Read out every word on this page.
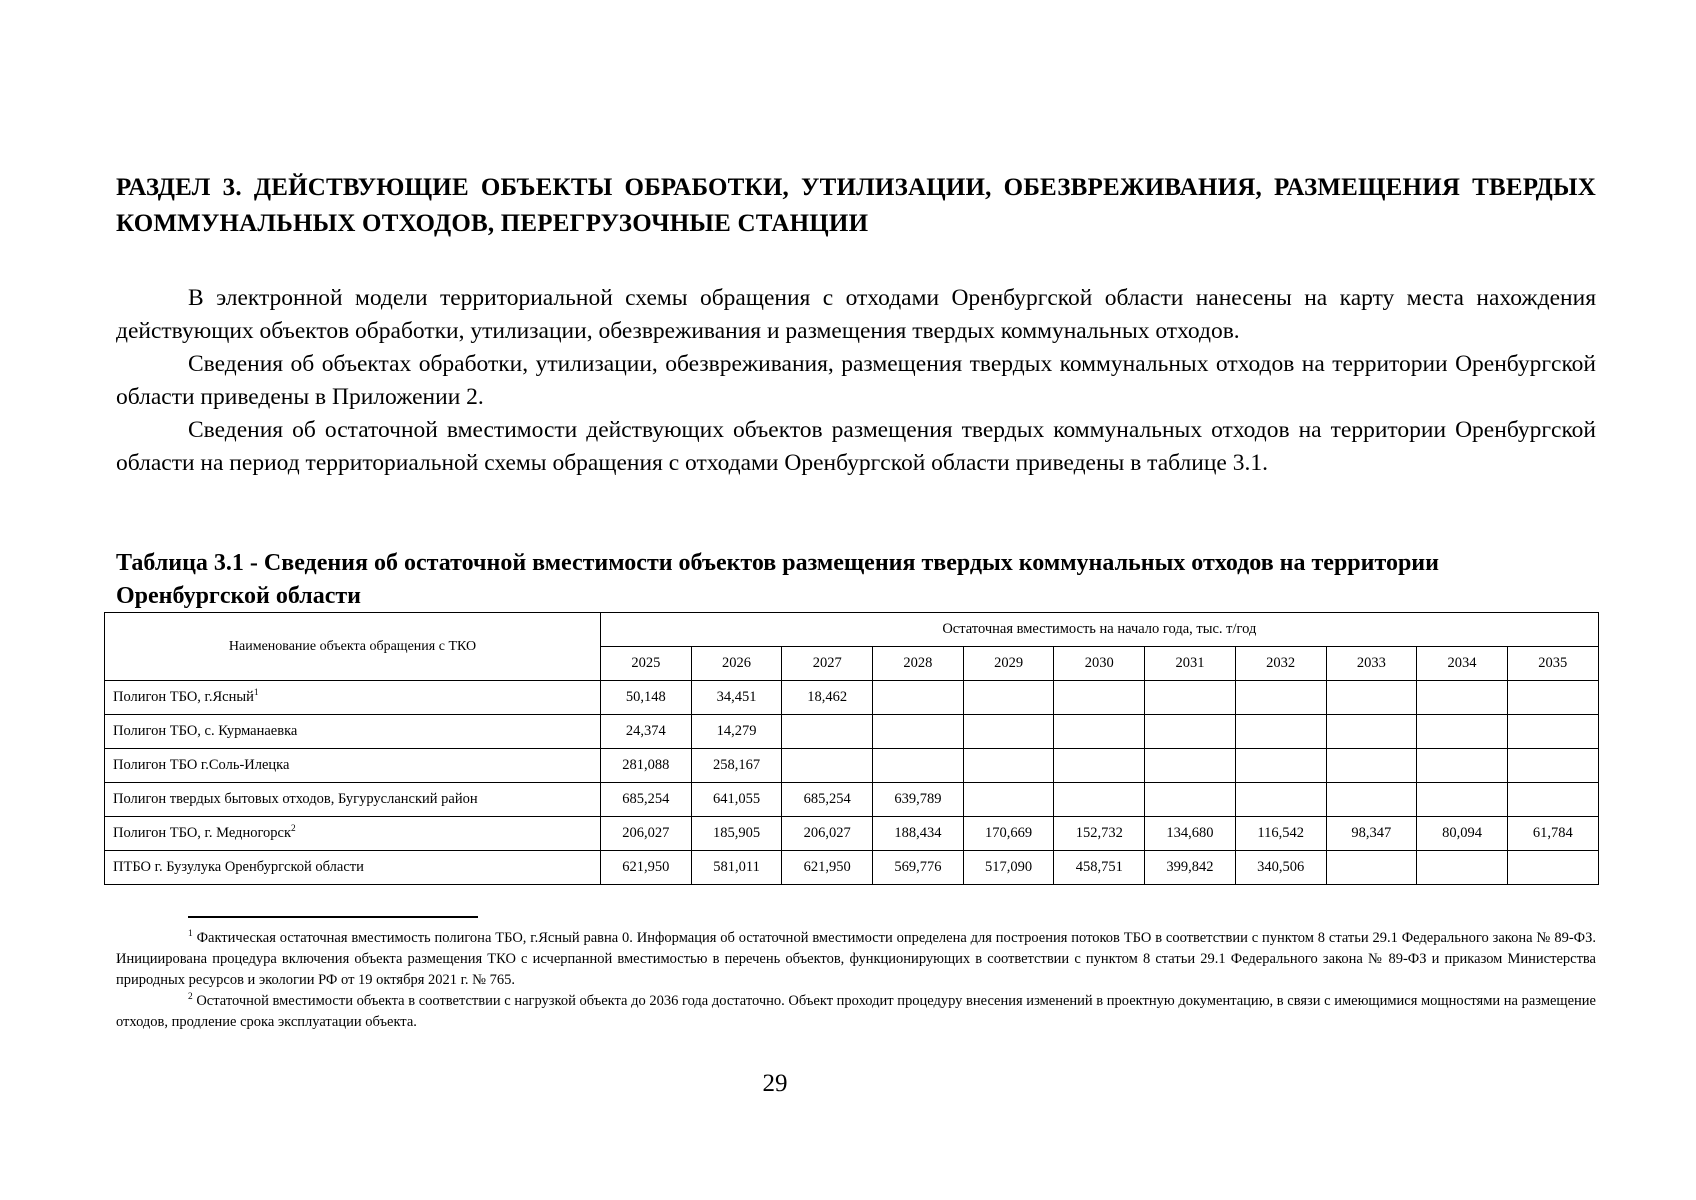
РАЗДЕЛ 3. ДЕЙСТВУЮЩИЕ ОБЪЕКТЫ ОБРАБОТКИ, УТИЛИЗАЦИИ, ОБЕЗВРЕЖИВАНИЯ, РАЗМЕЩЕНИЯ ТВЕРДЫХ КОММУНАЛЬНЫХ ОТХОДОВ, ПЕРЕГРУЗОЧНЫЕ СТАНЦИИ

В электронной модели территориальной схемы обращения с отходами Оренбургской области нанесены на карту места нахождения действующих объектов обработки, утилизации, обезвреживания и размещения твердых коммунальных отходов.

Сведения об объектах обработки, утилизации, обезвреживания, размещения твердых коммунальных отходов на территории Оренбургской области приведены в Приложении 2.

Сведения об остаточной вместимости действующих объектов размещения твердых коммунальных отходов на территории Оренбургской области на период территориальной схемы обращения с отходами Оренбургской области приведены в таблице 3.1.

Таблица 3.1 - Сведения об остаточной вместимости объектов размещения твердых коммунальных отходов на территории Оренбургской области

Наименование объекта обращения с ТКО	Остаточная вместимость на начало года, тыс. т/год										
	2025	2026	2027	2028	2029	2030	2031	2032	2033	2034	2035
Полигон ТБО, г.Ясный$^1$	50,148	34,451	18,462								
Полигон ТБО, с. Курманаевка	24,374	14,279									
Полигон ТБО г.Соль-Илецка	281,088	258,167									
Полигон твердых бытовых отходов, Бугурусланский район	685,254	641,055	685,254	639,789							
Полигон ТБО, г. Медногорск$^2$	206,027	185,905	206,027	188,434	170,669	152,732	134,680	116,542	98,347	80,094	61,784
ПТБО г. Бузулука Оренбургской области	621,950	581,011	621,950	569,776	517,090	458,751	399,842	340,506			

$^1$ Фактическая остаточная вместимость полигона ТБО, г.Ясный равна 0. Информация об остаточной вместимости определена для построения потоков ТБО в соответствии с пунктом 8 статьи 29.1 Федерального закона № 89-ФЗ. Инициирована процедура включения объекта размещения ТКО с исчерпанной вместимостью в перечень объектов, функционирующих в соответствии с пунктом 8 статьи 29.1 Федерального закона № 89-ФЗ и приказом Министерства природных ресурсов и экологии РФ от 19 октября 2021 г. № 765.

$^2$ Остаточной вместимости объекта в соответствии с нагрузкой объекта до 2036 года достаточно. Объект проходит процедуру внесения изменений в проектную документацию, в связи с имеющимися мощностями на размещение отходов, продление срока эксплуатации объекта.

29
